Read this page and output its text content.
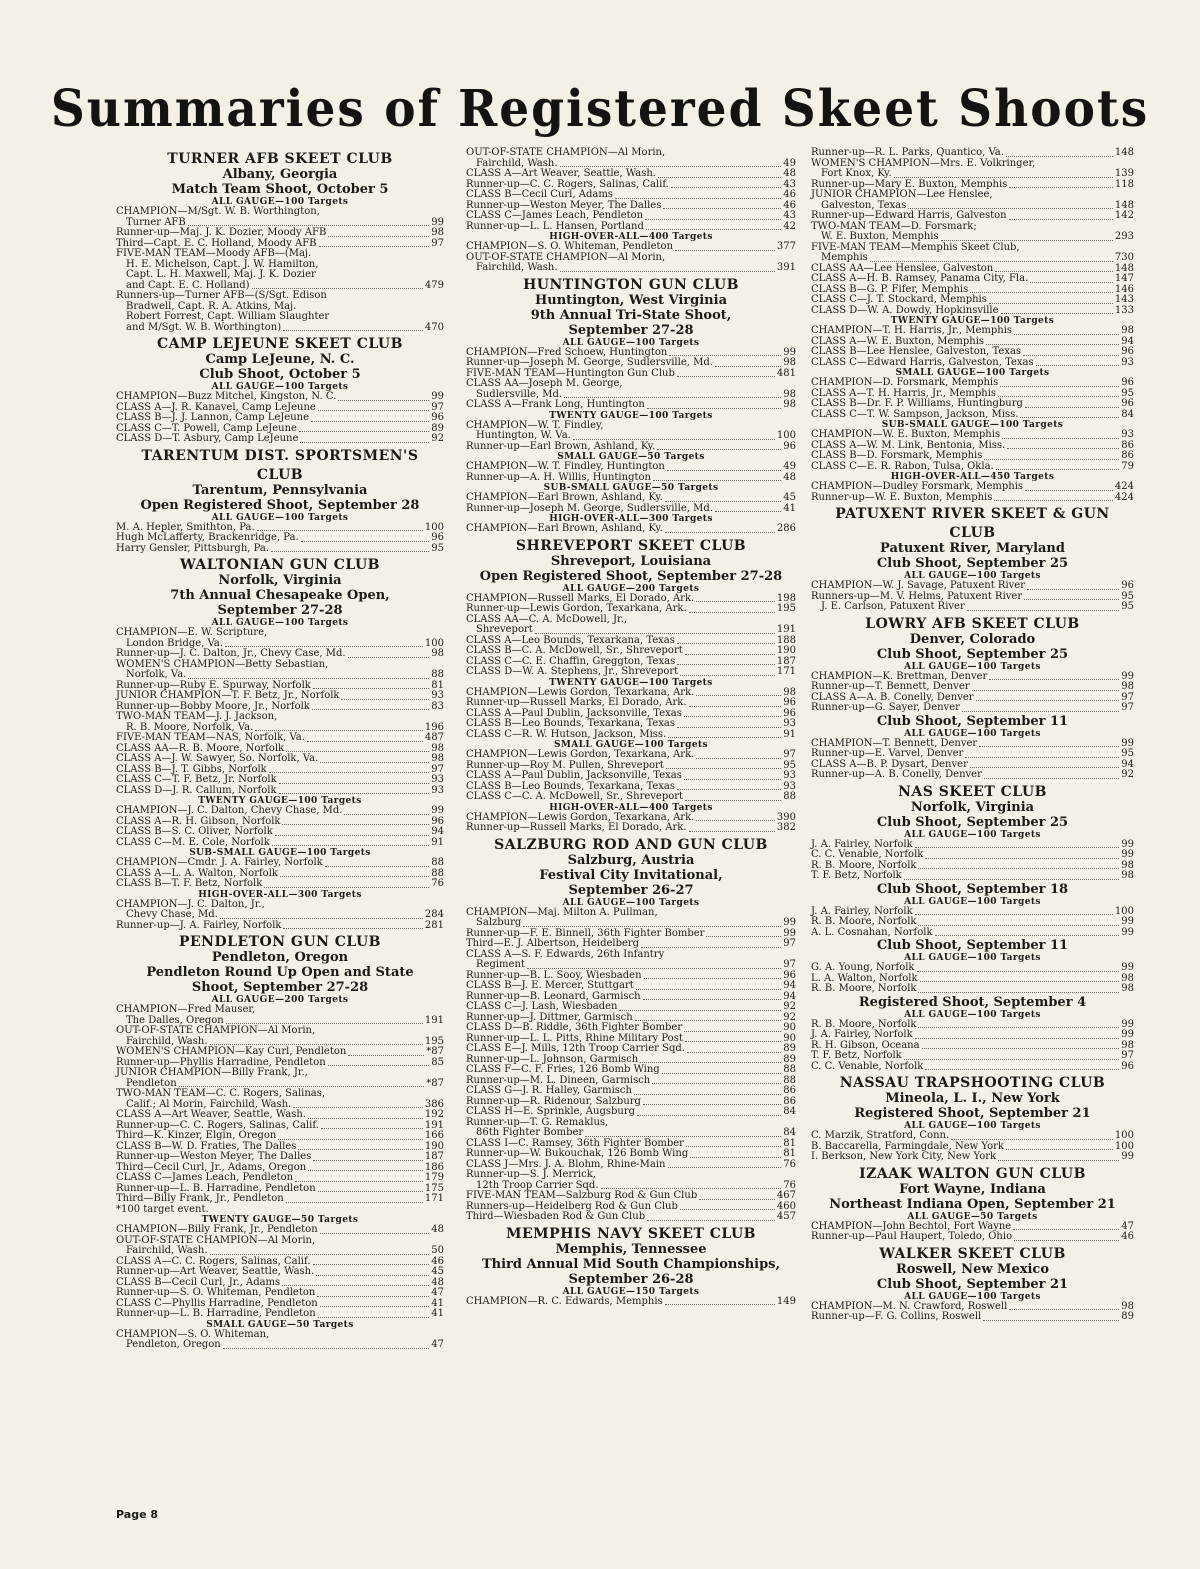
Summaries of Registered Skeet Shoots
TURNER AFB SKEET CLUB
Albany, Georgia
Match Team Shoot, October 5
ALL GAUGE—100 Targets
CHAMPION—M/Sgt. W. B. Worthington,
Turner AFB	99
Runner-up—Maj. J. K. Dozier, Moody AFB	98
Third—Capt. E. C. Holland, Moody AFB	97
FIVE-MAN TEAM—Moody AFB—(Maj.
H. E. Michelson, Capt. J. W. Hamilton,
Capt. L. H. Maxwell, Maj. J. K. Dozier
and Capt. E. C. Holland)	479
Runners-up—Turner AFB—(S/Sgt. Edison
Bradwell, Capt. R. A. Atkins, Maj.
Robert Forrest, Capt. William Slaughter
and M/Sgt. W. B. Worthington)	470
CAMP LEJEUNE SKEET CLUB
Camp LeJeune, N. C.
Club Shoot, October 5
ALL GAUGE—100 Targets
CHAMPION—Buzz Mitchel, Kingston, N. C.	99
CLASS A—J. R. Kanavel, Camp LeJeune	97
CLASS B—J. J. Lannon, Camp LeJeune	96
CLASS C—T. Powell, Camp LeJeune	89
CLASS D—T. Asbury, Camp LeJeune	92
TARENTUM DIST. SPORTSMEN'S
CLUB
Tarentum, Pennsylvania
Open Registered Shoot, September 28
ALL GAUGE—100 Targets
M. A. Hepler, Smithton, Pa.	100
Hugh McLafferty, Brackenridge, Pa.	96
Harry Gensler, Pittsburgh, Pa.	95
WALTONIAN GUN CLUB
Norfolk, Virginia
7th Annual Chesapeake Open,
September 27-28
ALL GAUGE—100 Targets
CHAMPION—E. W. Scripture,
London Bridge, Va.	100
Runner-up—J. C. Dalton, Jr., Chevy Case, Md.	98
WOMEN'S CHAMPION—Betty Sebastian,
Norfolk, Va.	88
Runner-up—Ruby E. Spurway, Norfolk	81
JUNIOR CHAMPION—T. F. Betz, Jr., Norfolk	93
Runner-up—Bobby Moore, Jr., Norfolk	83
TWO-MAN TEAM—J. J. Jackson,
R. B. Moore, Norfolk, Va.	196
FIVE-MAN TEAM—NAS, Norfolk, Va.	487
CLASS AA—R. B. Moore, Norfolk	98
CLASS A—J. W. Sawyer, So. Norfolk, Va.	98
CLASS B—J. T. Gibbs, Norfolk	97
CLASS C—T. F. Betz, Jr. Norfolk	93
CLASS D—J. R. Callum, Norfolk	93
TWENTY GAUGE—100 Targets
CHAMPION—J. C. Dalton, Chevy Chase, Md.	99
CLASS A—R. H. Gibson, Norfolk	96
CLASS B—S. C. Oliver, Norfolk	94
CLASS C—M. E. Cole, Norfolk	91
SUB-SMALL GAUGE—100 Targets
CHAMPION—Cmdr. J. A. Fairley, Norfolk	88
CLASS A—L. A. Walton, Norfolk	88
CLASS B—T. F. Betz, Norfolk	76
HIGH-OVER-ALL—300 Targets
CHAMPION—J. C. Dalton, Jr.,
Chevy Chase, Md.	284
Runner-up—J. A. Fairley, Norfolk	281
PENDLETON GUN CLUB
Pendleton, Oregon
Pendleton Round Up Open and State
Shoot, September 27-28
ALL GAUGE—200 Targets
CHAMPION—Fred Mauser,
The Dalles, Oregon	191
OUT-OF-STATE CHAMPION—Al Morin,
Fairchild, Wash.	195
WOMEN'S CHAMPION—Kay Curl, Pendleton	*87
Runner-up—Phyllis Harradine, Pendleton	85
JUNIOR CHAMPION—Billy Frank, Jr.,
Pendleton	*87
TWO-MAN TEAM—C. C. Rogers, Salinas,
Calif.; Al Morin, Fairchild, Wash.	386
CLASS A—Art Weaver, Seattle, Wash.	192
Runner-up—C. C. Rogers, Salinas, Calif.	191
Third—K. Kinzer, Elgin, Oregon	166
CLASS B—W. D. Fraties, The Dalles	190
Runner-up—Weston Meyer, The Dalles	187
Third—Cecil Curl, Jr., Adams, Oregon	186
CLASS C—James Leach, Pendleton	179
Runner-up—L. B. Harradine, Pendleton	175
Third—Billy Frank, Jr., Pendleton	171
*100 target event.
TWENTY GAUGE—50 Targets
CHAMPION—Billy Frank, Jr., Pendleton	48
OUT-OF-STATE CHAMPION—Al Morin,
Fairchild, Wash.	50
CLASS A—C. C. Rogers, Salinas, Calif.	46
Runner-up—Art Weaver, Seattle, Wash.	45
CLASS B—Cecil Curl, Jr., Adams	48
Runner-up—S. O. Whiteman, Pendleton	47
CLASS C—Phyllis Harradine, Pendleton	41
Runner-up—L. B. Harradine, Pendleton	41
SMALL GAUGE—50 Targets
CHAMPION—S. O. Whiteman,
Pendleton, Oregon	47
OUT-OF-STATE CHAMPION—Al Morin,
Fairchild, Wash.	49
CLASS A—Art Weaver, Seattle, Wash.	48
Runner-up—C. C. Rogers, Salinas, Calif.	43
CLASS B—Cecil Curl, Adams	46
Runner-up—Weston Meyer, The Dalles	46
CLASS C—James Leach, Pendleton	43
Runner-up—L. L. Hansen, Portland	42
HIGH-OVER-ALL—400 Targets
CHAMPION—S. O. Whiteman, Pendleton	377
OUT-OF-STATE CHAMPION—Al Morin,
Fairchild, Wash.	391
HUNTINGTON GUN CLUB
Huntington, West Virginia
9th Annual Tri-State Shoot,
September 27-28
ALL GAUGE—100 Targets
CHAMPION—Fred Schoew, Huntington	99
Runner-up—Joseph M. George, Sudlersville, Md.	98
FIVE-MAN TEAM—Huntington Gun Club	481
CLASS AA—Joseph M. George,
Sudlersville, Md.	98
CLASS A—Frank Long, Huntington	98
TWENTY GAUGE—100 Targets
CHAMPION—W. T. Findley,
Huntington, W. Va.	100
Runner-up—Earl Brown, Ashland, Ky.	96
SMALL GAUGE—50 Targets
CHAMPION—W. T. Findley, Huntington	49
Runner-up—A. H. Willis, Huntington	48
SUB-SMALL GAUGE—50 Targets
CHAMPION—Earl Brown, Ashland, Ky.	45
Runner-up—Joseph M. George, Sudlersville, Md.	41
HIGH-OVER-ALL—300 Targets
CHAMPION—Earl Brown, Ashland, Ky.	286
SHREVEPORT SKEET CLUB
Shreveport, Louisiana
Open Registered Shoot, September 27-28
ALL GAUGE—200 Targets
CHAMPION—Russell Marks, El Dorado, Ark.	198
Runner-up—Lewis Gordon, Texarkana, Ark.	195
CLASS AA—C. A. McDowell, Jr.,
Shreveport	191
CLASS A—Leo Bounds, Texarkana, Texas	188
CLASS B—C. A. McDowell, Sr., Shreveport	190
CLASS C—C. E. Chaffin, Greggton, Texas	187
CLASS D—W. A. Stephens, Jr., Shreveport	171
TWENTY GAUGE—100 Targets
CHAMPION—Lewis Gordon, Texarkana, Ark.	98
Runner-up—Russell Marks, El Dorado, Ark.	96
CLASS A—Paul Dublin, Jacksonville, Texas	96
CLASS B—Leo Bounds, Texarkana, Texas	93
CLASS C—R. W. Hutson, Jackson, Miss.	91
SMALL GAUGE—100 Targets
CHAMPION—Lewis Gordon, Texarkana, Ark.	97
Runner-up—Roy M. Pullen, Shreveport	95
CLASS A—Paul Dublin, Jacksonville, Texas	93
CLASS B—Leo Bounds, Texarkana, Texas	93
CLASS C—C. A. McDowell, Sr., Shreveport	88
HIGH-OVER-ALL—400 Targets
CHAMPION—Lewis Gordon, Texarkana, Ark.	390
Runner-up—Russell Marks, El Dorado, Ark.	382
SALZBURG ROD AND GUN CLUB
Salzburg, Austria
Festival City Invitational,
September 26-27
ALL GAUGE—100 Targets
CHAMPION—Maj. Milton A. Pullman,
Salzburg	99
Runner-up—F. E. Binnell, 36th Fighter Bomber	99
Third—E. J. Albertson, Heidelberg	97
CLASS A—S. F. Edwards, 26th Infantry
Regiment	97
Runner-up—B. L. Sooy, Wiesbaden	96
CLASS B—J. E. Mercer, Stuttgart	94
Runner-up—B. Leonard, Garmisch	94
CLASS C—J. Lash, Wiesbaden	92
Runner-up—J. Dittmer, Garmisch	92
CLASS D—B. Riddle, 36th Fighter Bomber	90
Runner-up—L. L. Pitts, Rhine Military Post	90
CLASS E—J. Mills, 12th Troop Carrier Sqd.	89
Runner-up—L. Johnson, Garmisch	89
CLASS F—C. F. Fries, 126 Bomb Wing	88
Runner-up—M. L. Dineen, Garmisch	88
CLASS G—J. R. Halley, Garmisch	86
Runner-up—R. Ridenour, Salzburg	86
CLASS H—E. Sprinkle, Augsburg	84
Runner-up—T. G. Remaklus,
86th Fighter Bomber	84
CLASS I—C. Ramsey, 36th Fighter Bomber	81
Runner-up—W. Bukouchak, 126 Bomb Wing	81
CLASS J—Mrs. J. A. Blohm, Rhine-Main	76
Runner-up—S. J. Merrick,
12th Troop Carrier Sqd.	76
FIVE-MAN TEAM—Salzburg Rod & Gun Club	467
Runners-up—Heidelberg Rod & Gun Club	460
Third—Wiesbaden Rod & Gun Club	457
MEMPHIS NAVY SKEET CLUB
Memphis, Tennessee
Third Annual Mid South Championships,
September 26-28
ALL GAUGE—150 Targets
CHAMPION—R. C. Edwards, Memphis	149
Runner-up—R. L. Parks, Quantico, Va.	148
WOMEN'S CHAMPION—Mrs. E. Volkringer,
Fort Knox, Ky.	139
Runner-up—Mary E. Buxton, Memphis	118
JUNIOR CHAMPION—Lee Henslee,
Galveston, Texas	148
Runner-up—Edward Harris, Galveston	142
TWO-MAN TEAM—D. Forsmark;
W. E. Buxton, Memphis	293
FIVE-MAN TEAM—Memphis Skeet Club,
Memphis	730
CLASS AA—Lee Henslee, Galveston	148
CLASS A—H. B. Ramsey, Panama City, Fla.	147
CLASS B—G. P. Fifer, Memphis	146
CLASS C—J. T. Stockard, Memphis	143
CLASS D—W. A. Dowdy, Hopkinsville	133
TWENTY GAUGE—100 Targets
CHAMPION—T. H. Harris, Jr., Memphis	98
CLASS A—W. E. Buxton, Memphis	94
CLASS B—Lee Henslee, Galveston, Texas	96
CLASS C—Edward Harris, Galveston, Texas	93
SMALL GAUGE—100 Targets
CHAMPION—D. Forsmark, Memphis	96
CLASS A—T. H. Harris, Jr., Memphis	95
CLASS B—Dr. F. P. Williams, Huntingburg	96
CLASS C—T. W. Sampson, Jackson, Miss.	84
SUB-SMALL GAUGE—100 Targets
CHAMPION—W. E. Buxton, Memphis	93
CLASS A—W. M. Link, Bentonia, Miss.	86
CLASS B—D. Forsmark, Memphis	86
CLASS C—E. R. Rabon, Tulsa, Okla.	79
HIGH-OVER-ALL—450 Targets
CHAMPION—Dudley Forsmark, Memphis	424
Runner-up—W. E. Buxton, Memphis	424
PATUXENT RIVER SKEET & GUN
CLUB
Patuxent River, Maryland
Club Shoot, September 25
ALL GAUGE—100 Targets
CHAMPION—W. J. Savage, Patuxent River	96
Runners-up—M. V. Helms, Patuxent River	95
J. E. Carlson, Patuxent River	95
LOWRY AFB SKEET CLUB
Denver, Colorado
Club Shoot, September 25
ALL GAUGE—100 Targets
CHAMPION—K. Brettman, Denver	99
Runner-up—T. Bennett, Denver	98
CLASS A—A. B. Conelly, Denver	97
Runner-up—G. Sayer, Denver	97
Club Shoot, September 11
ALL GAUGE—100 Targets
CHAMPION—T. Bennett, Denver	99
Runner-up—E. Varvel, Denver	95
CLASS A—B. P. Dysart, Denver	94
Runner-up—A. B. Conelly, Denver	92
NAS SKEET CLUB
Norfolk, Virginia
Club Shoot, September 25
ALL GAUGE—100 Targets
J. A. Fairley, Norfolk	99
C. C. Venable, Norfolk	99
R. B. Moore, Norfolk	98
T. F. Betz, Norfolk	98
Club Shoot, September 18
ALL GAUGE—100 Targets
J. A. Fairley, Norfolk	100
R. B. Moore, Norfolk	99
A. L. Cosnahan, Norfolk	99
Club Shoot, September 11
ALL GAUGE—100 Targets
G. A. Young, Norfolk	99
L. A. Walton, Norfolk	98
R. B. Moore, Norfolk	98
Registered Shoot, September 4
ALL GAUGE—100 Targets
R. B. Moore, Norfolk	99
J. A. Fairley, Norfolk	99
R. H. Gibson, Oceana	98
T. F. Betz, Norfolk	97
C. C. Venable, Norfolk	96
NASSAU TRAPSHOOTING CLUB
Mineola, L. I., New York
Registered Shoot, September 21
ALL GAUGE—100 Targets
C. Marzik, Stratford, Conn.	100
B. Baccarella, Farmingdale, New York	100
I. Berkson, New York City, New York	99
IZAAK WALTON GUN CLUB
Fort Wayne, Indiana
Northeast Indiana Open, September 21
ALL GAUGE—50 Targets
CHAMPION—John Bechtol, Fort Wayne	47
Runner-up—Paul Haupert, Toledo, Ohio	46
WALKER SKEET CLUB
Roswell, New Mexico
Club Shoot, September 21
ALL GAUGE—100 Targets
CHAMPION—M. N. Crawford, Roswell	98
Runner-up—F. G. Collins, Roswell	89
Page 8
